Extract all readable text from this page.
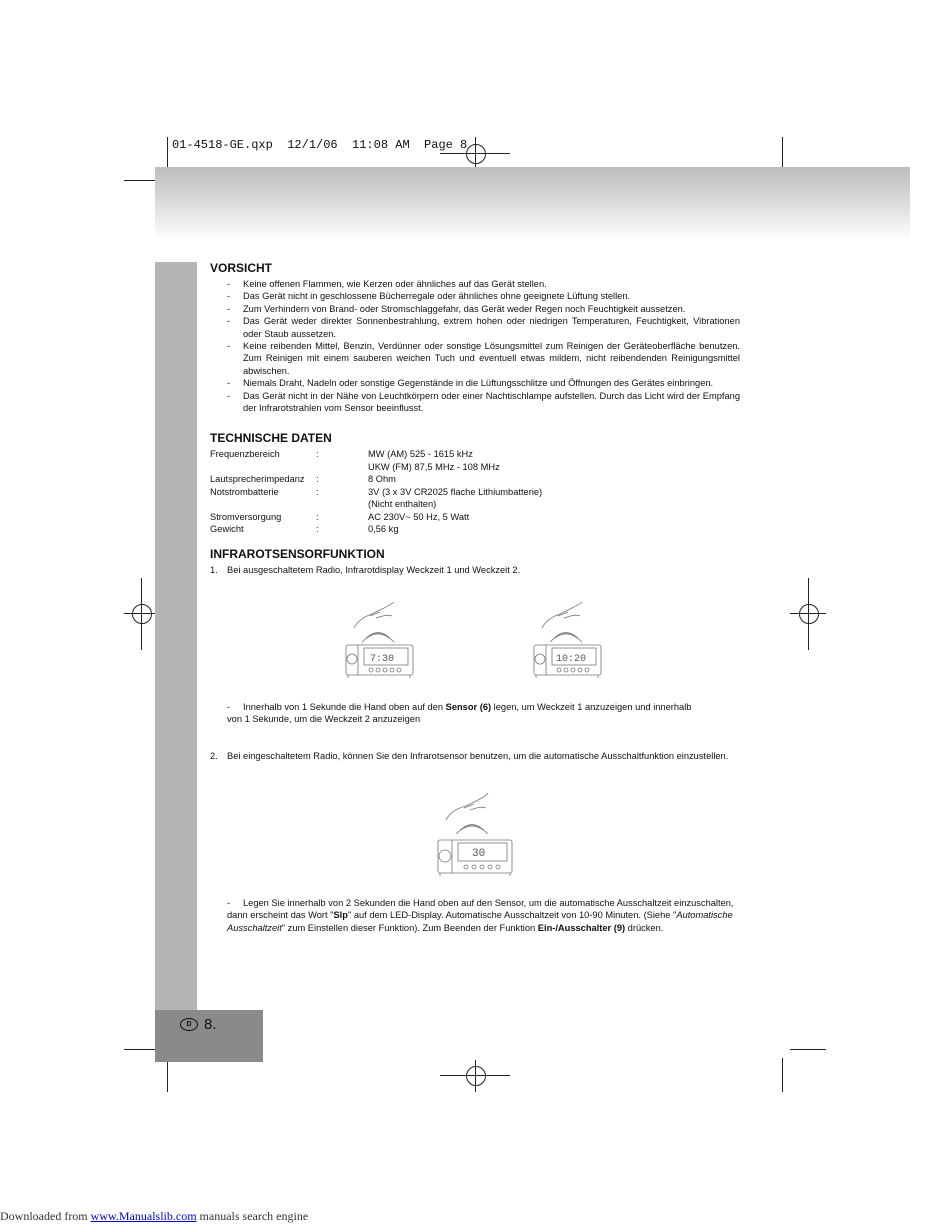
01-4518-GE.qxp  12/1/06  11:08 AM  Page 8
D 8.
VORSICHT
- Keine offenen Flammen, wie Kerzen oder ähnliches auf das Gerät stellen.
- Das Gerät nicht in geschlossene Bücherregale oder ähnliches ohne geeignete Lüftung stellen.
- Zum Verhindern von Brand- oder Stromschlaggefahr, das Gerät weder Regen noch Feuchtigkeit aussetzen.
- Das Gerät weder direkter Sonnenbestrahlung, extrem hohen oder niedrigen Temperaturen, Feuchtigkeit, Vibrationen oder Staub aussetzen.
- Keine reibenden Mittel, Benzin, Verdünner oder sonstige Lösungsmittel zum Reinigen der Geräteoberfläche benutzen. Zum Reinigen mit einem sauberen weichen Tuch und eventuell etwas mildem, nicht reibendenden Reinigungsmittel abwischen.
- Niemals Draht, Nadeln oder sonstige Gegenstände in die Lüftungsschlitze und Öffnungen des Gerätes einbringen.
- Das Gerät nicht in der Nähe von Leuchtkörpern oder einer Nachtischlampe aufstellen. Durch das Licht wird der Empfang der Infrarotstrahlen vom Sensor beeinflusst.
TECHNISCHE DATEN
Frequenzbereich	:	MW (AM) 525 - 1615 kHz
		UKW (FM) 87,5 MHz - 108 MHz
Lautsprecherimpedanz	:	8 Ohm
Notstrombatterie	:	3V (3 x 3V CR2025 flache Lithiumbatterie)
		(Nicht enthalten)
Stromversorgung	:	AC 230V~ 50 Hz, 5 Watt
Gewicht	:	0,56 kg
INFRAROTSENSORFUNKTION
1. Bei ausgeschaltetem Radio, Infrarotdisplay Weckzeit 1 und Weckzeit 2.
7:30	10:20
- Innerhalb von 1 Sekunde die Hand oben auf den Sensor (6) legen, um Weckzeit 1 anzuzeigen und innerhalb
von 1 Sekunde, um die Weckzeit 2 anzuzeigen
2. Bei eingeschaltetem Radio, können Sie den Infrarotsensor benutzen, um die automatische Ausschaltfunktion einzustellen.
30
- Legen Sie innerhalb von 2 Sekunden die Hand oben auf den Sensor, um die automatische Ausschaltzeit einzuschalten,
dann erscheint das Wort "Slp" auf dem LED-Display. Automatische Ausschaltzeit von 10-90 Minuten. (Siehe "Automatische Ausschaltzeit" zum Einstellen dieser Funktion). Zum Beenden der Funktion Ein-/Ausschalter (9) drücken.
Downloaded from www.Manualslib.com manuals search engine
